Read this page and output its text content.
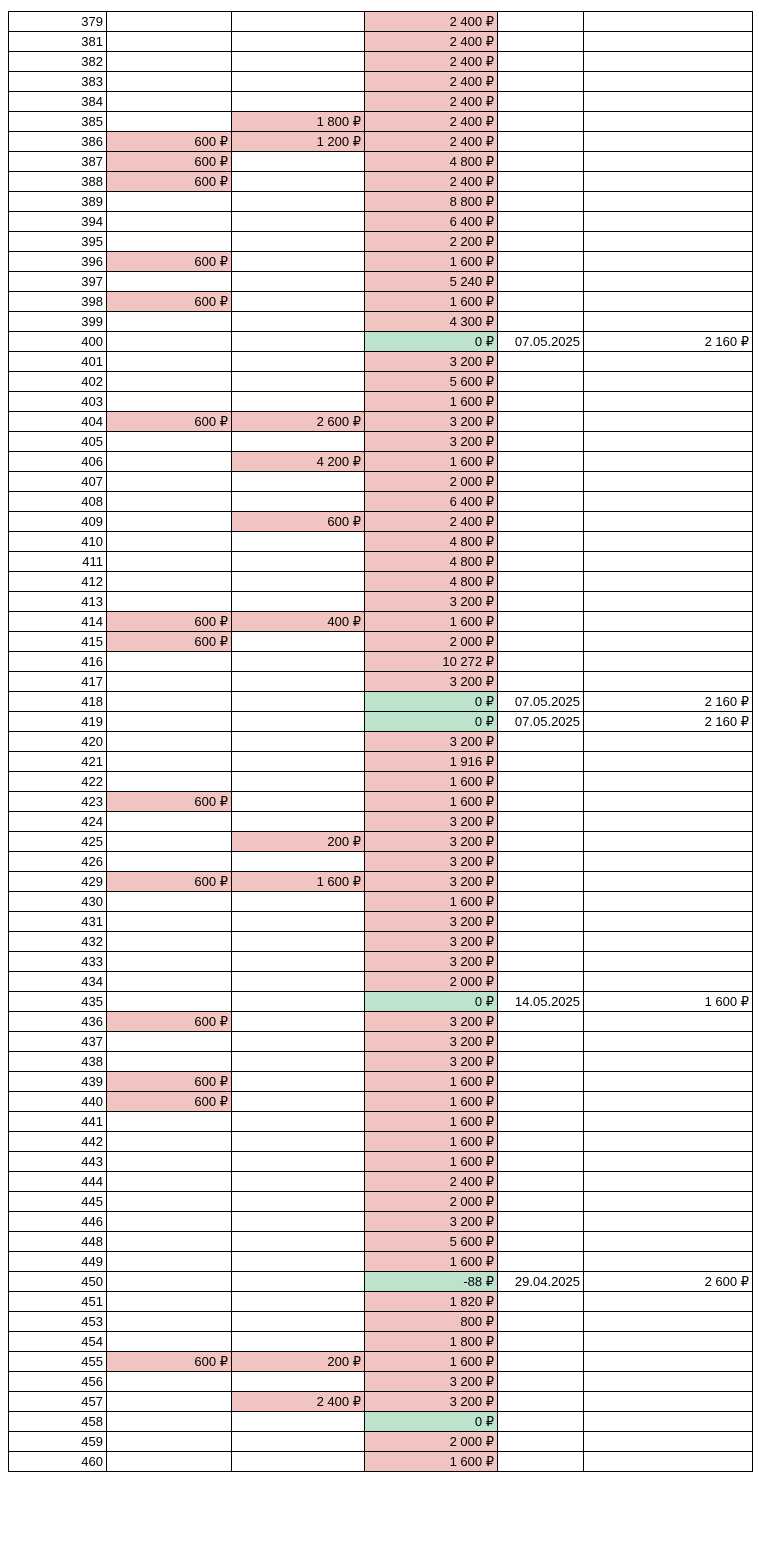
379			2 400 ₽		
381			2 400 ₽		
382			2 400 ₽		
383			2 400 ₽		
384			2 400 ₽		
385		1 800 ₽	2 400 ₽		
386	600 ₽	1 200 ₽	2 400 ₽		
387	600 ₽		4 800 ₽		
388	600 ₽		2 400 ₽		
389			8 800 ₽		
394			6 400 ₽		
395			2 200 ₽		
396	600 ₽		1 600 ₽		
397			5 240 ₽		
398	600 ₽		1 600 ₽		
399			4 300 ₽		
400			0 ₽	07.05.2025	2 160 ₽
401			3 200 ₽		
402			5 600 ₽		
403			1 600 ₽		
404	600 ₽	2 600 ₽	3 200 ₽		
405			3 200 ₽		
406		4 200 ₽	1 600 ₽		
407			2 000 ₽		
408			6 400 ₽		
409		600 ₽	2 400 ₽		
410			4 800 ₽		
411			4 800 ₽		
412			4 800 ₽		
413			3 200 ₽		
414	600 ₽	400 ₽	1 600 ₽		
415	600 ₽		2 000 ₽		
416			10 272 ₽		
417			3 200 ₽		
418			0 ₽	07.05.2025	2 160 ₽
419			0 ₽	07.05.2025	2 160 ₽
420			3 200 ₽		
421			1 916 ₽		
422			1 600 ₽		
423	600 ₽		1 600 ₽		
424			3 200 ₽		
425		200 ₽	3 200 ₽		
426			3 200 ₽		
429	600 ₽	1 600 ₽	3 200 ₽		
430			1 600 ₽		
431			3 200 ₽		
432			3 200 ₽		
433			3 200 ₽		
434			2 000 ₽		
435			0 ₽	14.05.2025	1 600 ₽
436	600 ₽		3 200 ₽		
437			3 200 ₽		
438			3 200 ₽		
439	600 ₽		1 600 ₽		
440	600 ₽		1 600 ₽		
441			1 600 ₽		
442			1 600 ₽		
443			1 600 ₽		
444			2 400 ₽		
445			2 000 ₽		
446			3 200 ₽		
448			5 600 ₽		
449			1 600 ₽		
450			-88 ₽	29.04.2025	2 600 ₽
451			1 820 ₽		
453			800 ₽		
454			1 800 ₽		
455	600 ₽	200 ₽	1 600 ₽		
456			3 200 ₽		
457		2 400 ₽	3 200 ₽		
458			0 ₽		
459			2 000 ₽		
460			1 600 ₽		
